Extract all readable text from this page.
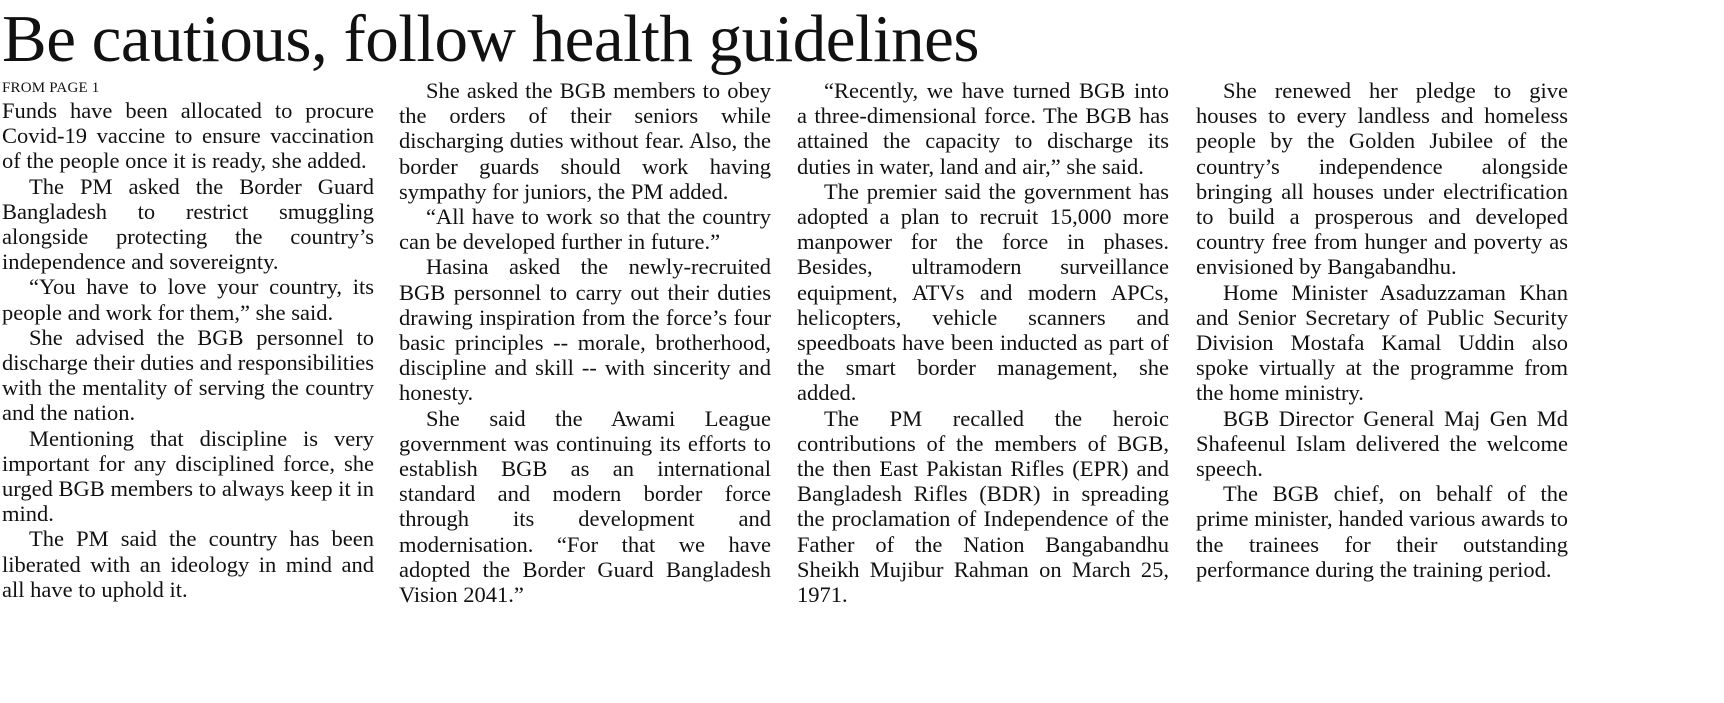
Be cautious, follow health guidelines
FROM PAGE 1

Funds have been allocated to procure Covid-19 vaccine to ensure vaccination of the people once it is ready, she added.

The PM asked the Border Guard Bangladesh to restrict smuggling alongside protecting the country’s independence and sovereignty.

“You have to love your country, its people and work for them,” she said.

She advised the BGB personnel to discharge their duties and responsibilities with the mentality of serving the country and the nation.

Mentioning that discipline is very important for any disciplined force, she urged BGB members to always keep it in mind.

The PM said the country has been liberated with an ideology in mind and all have to uphold it.

She asked the BGB members to obey the orders of their seniors while discharging duties without fear. Also, the border guards should work having sympathy for juniors, the PM added.

“All have to work so that the country can be developed further in future.”

Hasina asked the newly-recruited BGB personnel to carry out their duties drawing inspiration from the force’s four basic principles -- morale, brotherhood, discipline and skill -- with sincerity and honesty.

She said the Awami League government was continuing its efforts to establish BGB as an international standard and modern border force through its development and modernisation. “For that we have adopted the Border Guard Bangladesh Vision 2041.”

“Recently, we have turned BGB into a three-dimensional force. The BGB has attained the capacity to discharge its duties in water, land and air,” she said.

The premier said the government has adopted a plan to recruit 15,000 more manpower for the force in phases. Besides, ultramodern surveillance equipment, ATVs and modern APCs, helicopters, vehicle scanners and speedboats have been inducted as part of the smart border management, she added.

The PM recalled the heroic contributions of the members of BGB, the then East Pakistan Rifles (EPR) and Bangladesh Rifles (BDR) in spreading the proclamation of Independence of the Father of the Nation Bangabandhu Sheikh Mujibur Rahman on March 25, 1971.

She renewed her pledge to give houses to every landless and homeless people by the Golden Jubilee of the country’s independence alongside bringing all houses under electrification to build a prosperous and developed country free from hunger and poverty as envisioned by Bangabandhu.

Home Minister Asaduzzaman Khan and Senior Secretary of Public Security Division Mostafa Kamal Uddin also spoke virtually at the programme from the home ministry.

BGB Director General Maj Gen Md Shafeenul Islam delivered the welcome speech.

The BGB chief, on behalf of the prime minister, handed various awards to the trainees for their outstanding performance during the training period.
